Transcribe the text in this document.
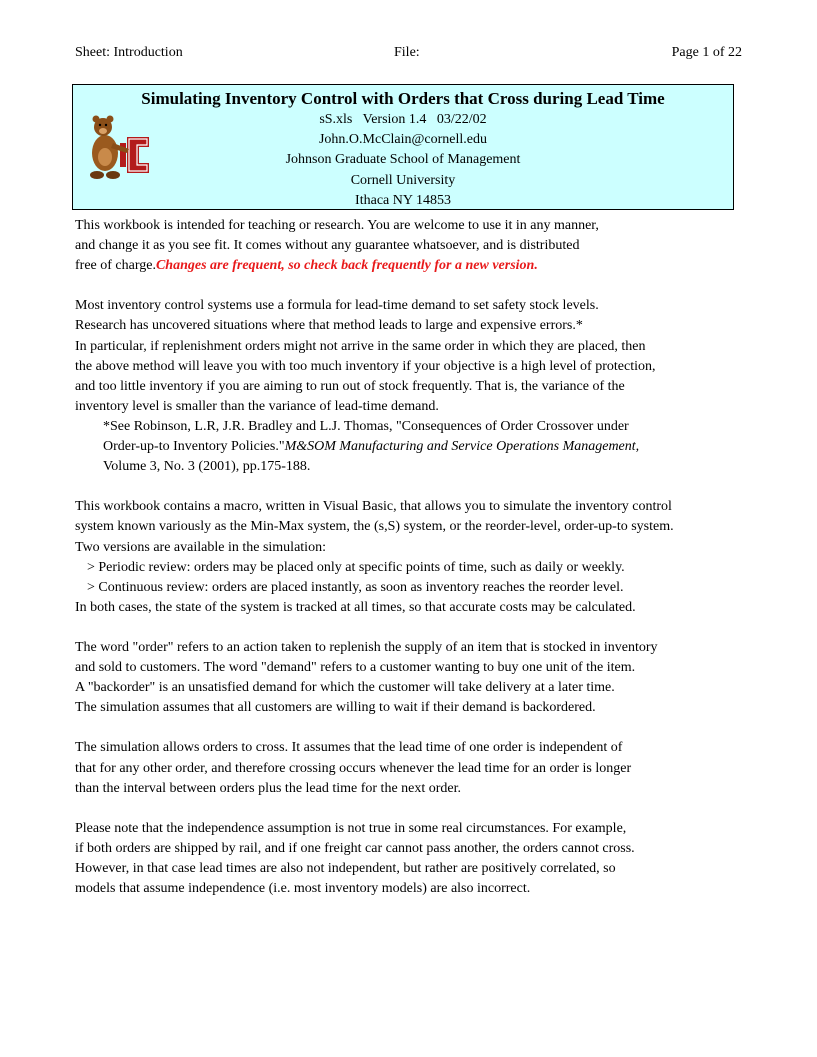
Sheet: Introduction	File:	Page 1 of 22
Simulating Inventory Control with Orders that Cross during Lead Time
sS.xls   Version 1.4   03/22/02
John.O.McClain@cornell.edu
Johnson Graduate School of Management
Cornell University
Ithaca NY 14853
This workbook is intended for teaching or research. You are welcome to use it in any manner,
and change it as you see fit. It comes without any guarantee whatsoever, and is distributed
free of charge.Changes are frequent, so check back frequently for a new version.
Most inventory control systems use a formula for lead-time demand to set safety stock levels.
Research has uncovered situations where that method leads to large and expensive errors.*
In particular, if replenishment orders might not arrive in the same order in which they are placed, then
the above method will leave you with too much inventory if your objective is a high level of protection,
and too little inventory if you are aiming to run out of stock frequently. That is, the variance of the
inventory level is smaller than the variance of lead-time demand.
*See Robinson, L.R, J.R. Bradley and L.J. Thomas, "Consequences of Order Crossover under
Order-up-to Inventory Policies."M&SOM Manufacturing and Service Operations Management,
Volume 3, No. 3 (2001), pp.175-188.
This workbook contains a macro, written in Visual Basic, that allows you to simulate the inventory control
system known variously as the Min-Max system, the (s,S) system, or the reorder-level, order-up-to system.
Two versions are available in the simulation:
> Periodic review: orders may be placed only at specific points of time, such as daily or weekly.
> Continuous review: orders are placed instantly, as soon as inventory reaches the reorder level.
In both cases, the state of the system is tracked at all times, so that accurate costs may be calculated.
The word "order" refers to an action taken to replenish the supply of an item that is stocked in inventory
and sold to customers. The word "demand" refers to a customer wanting to buy one unit of the item.
A "backorder" is an unsatisfied demand for which the customer will take delivery at a later time.
The simulation assumes that all customers are willing to wait if their demand is backordered.
The simulation allows orders to cross. It assumes that the lead time of one order is independent of
that for any other order, and therefore crossing occurs whenever the lead time for an order is longer
than the interval between orders plus the lead time for the next order.
Please note that the independence assumption is not true in some real circumstances. For example,
if both orders are shipped by rail, and if one freight car cannot pass another, the orders cannot cross.
However, in that case lead times are also not independent, but rather are positively correlated, so
models that assume independence (i.e. most inventory models) are also incorrect.
